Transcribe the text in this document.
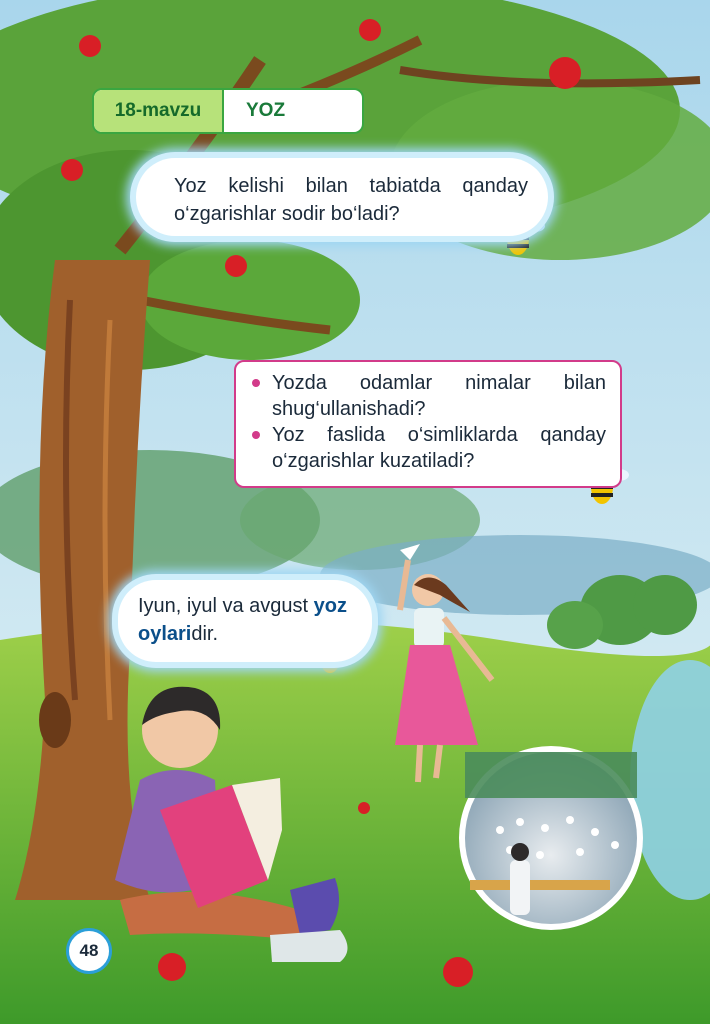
18-mavzu	YOZ

Yoz kelishi bilan tabiatda qanday o‘zgarishlar sodir bo‘ladi?

Yozda odamlar nimalar bilan shug‘ullanishadi?
Yoz faslida o‘simliklarda qanday o‘zgarishlar kuzatiladi?

Iyun, iyul va avgust yoz oylaridir.

48
